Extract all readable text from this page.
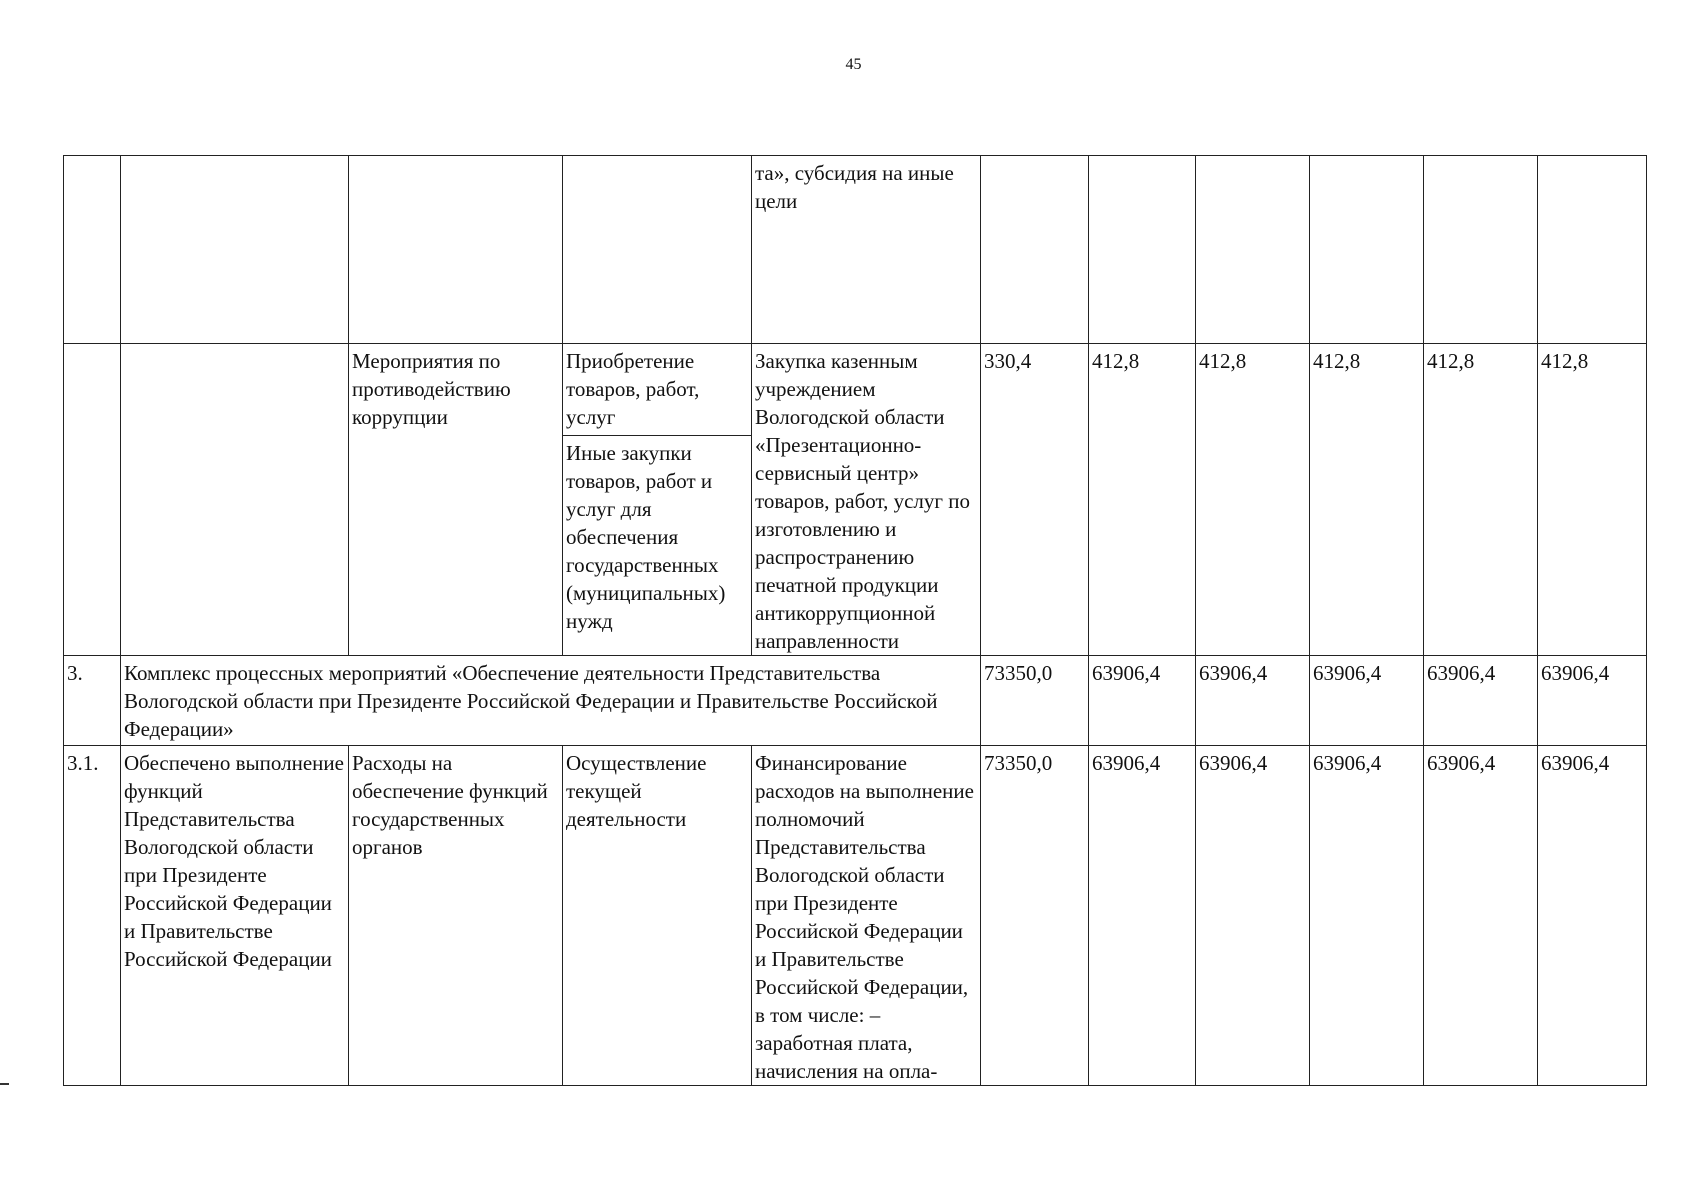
45
				та», субсидия на иные цели						
		Мероприятия по противодействию коррупции	Приобретение товаров, работ, услуг	Закупка казенным учреждением Вологодской области «Презентационно-сервисный центр» товаров, работ, услуг по изготовлению и распространению печатной продукции антикоррупционной направленности	330,4	412,8	412,8	412,8	412,8	412,8
			Иные закупки товаров, работ и услуг для обеспечения государственных (муниципальных) нужд							
3.	Комплекс процессных мероприятий «Обеспечение деятельности Представительства Вологодской области при Президенте Российской Федерации и Правительстве Российской Федерации»				73350,0	63906,4	63906,4	63906,4	63906,4	63906,4
3.1.	Обеспечено выполнение функций Представительства Вологодской области при Президенте Российской Федерации и Правительстве Российской Федерации	Расходы на обеспечение функций государственных органов	Осуществление текущей деятельности	Финансирование расходов на выполнение полномочий Представительства Вологодской области при Президенте Российской Федерации и Правительстве Российской Федерации, в том числе: – заработная плата, начисления на опла-	73350,0	63906,4	63906,4	63906,4	63906,4	63906,4
